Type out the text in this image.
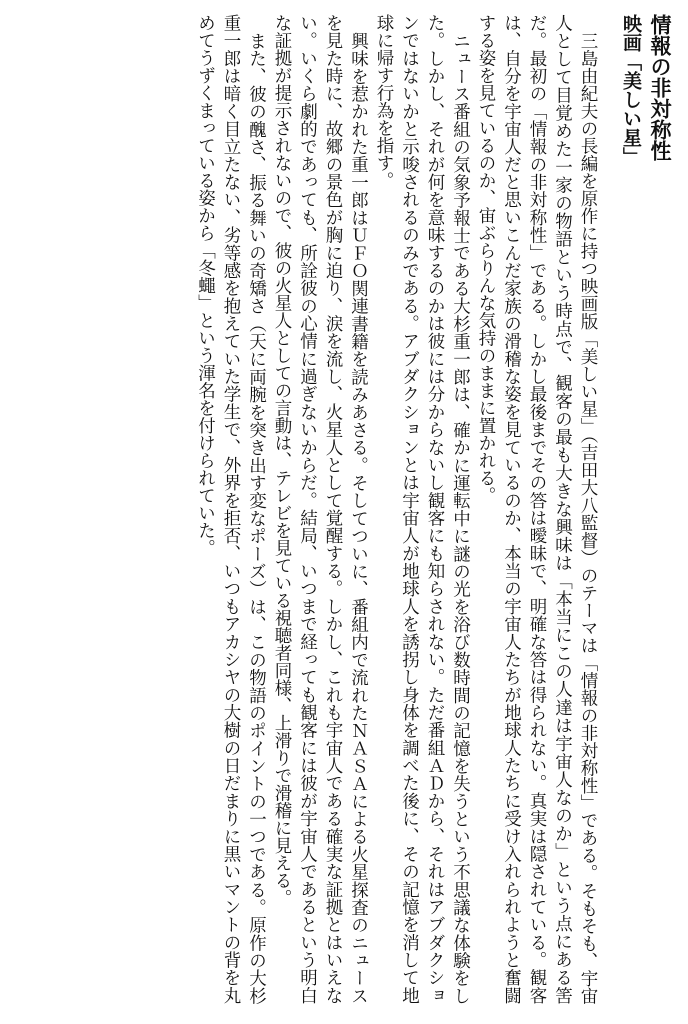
情報の非対称性
映画「美しい星」

三島由紀夫の長編を原作に持つ映画版「美しい星」（吉田大八監督）のテーマは「情報の非対称性」である。そもそも、宇宙人として目覚めた一家の物語という時点で、観客の最も大きな興味は「本当にこの人達は宇宙人なのか」という点にある筈だ。最初の「情報の非対称性」である。しかし最後までその答は曖昧で、明確な答は得られない。真実は隠されている。観客は、自分を宇宙人だと思いこんだ家族の滑稽な姿を見ているのか、本当の宇宙人たちが地球人たちに受け入れられようと奮闘する姿を見ているのか、宙ぶらりんな気持のままに置かれる。

ニュース番組の気象予報士である大杉重一郎は、確かに運転中に謎の光を浴び数時間の記憶を失うという不思議な体験をした。しかし、それが何を意味するのかは彼には分からないし観客にも知らされない。ただ番組ＡＤから、それはアブダクションではないかと示唆されるのみである。アブダクションとは宇宙人が地球人を誘拐し身体を調べた後に、その記憶を消して地球に帰す行為を指す。

興味を惹かれた重一郎はＵＦＯ関連書籍を読みあさる。そしてついに、番組内で流れたＮＡＳＡによる火星探査のニュースを見た時に、故郷の景色が胸に迫り、涙を流し、火星人として覚醒する。しかし、これも宇宙人である確実な証拠とはいえない。いくら劇的であっても、所詮彼の心情に過ぎないからだ。結局、いつまで経っても観客には彼が宇宙人であるという明白な証拠が提示されないので、彼の火星人としての言動は、テレビを見ている視聴者同様、上滑りで滑稽に見える。

また、彼の醜さ、振る舞いの奇矯さ（天に両腕を突き出す変なポーズ）は、この物語のポイントの一つである。原作の大杉重一郎は暗く目立たない、劣等感を抱えていた学生で、外界を拒否、いつもアカシヤの大樹の日だまりに黒いマントの背を丸めてうずくまっている姿から「冬蠅」という渾名を付けられていた。
